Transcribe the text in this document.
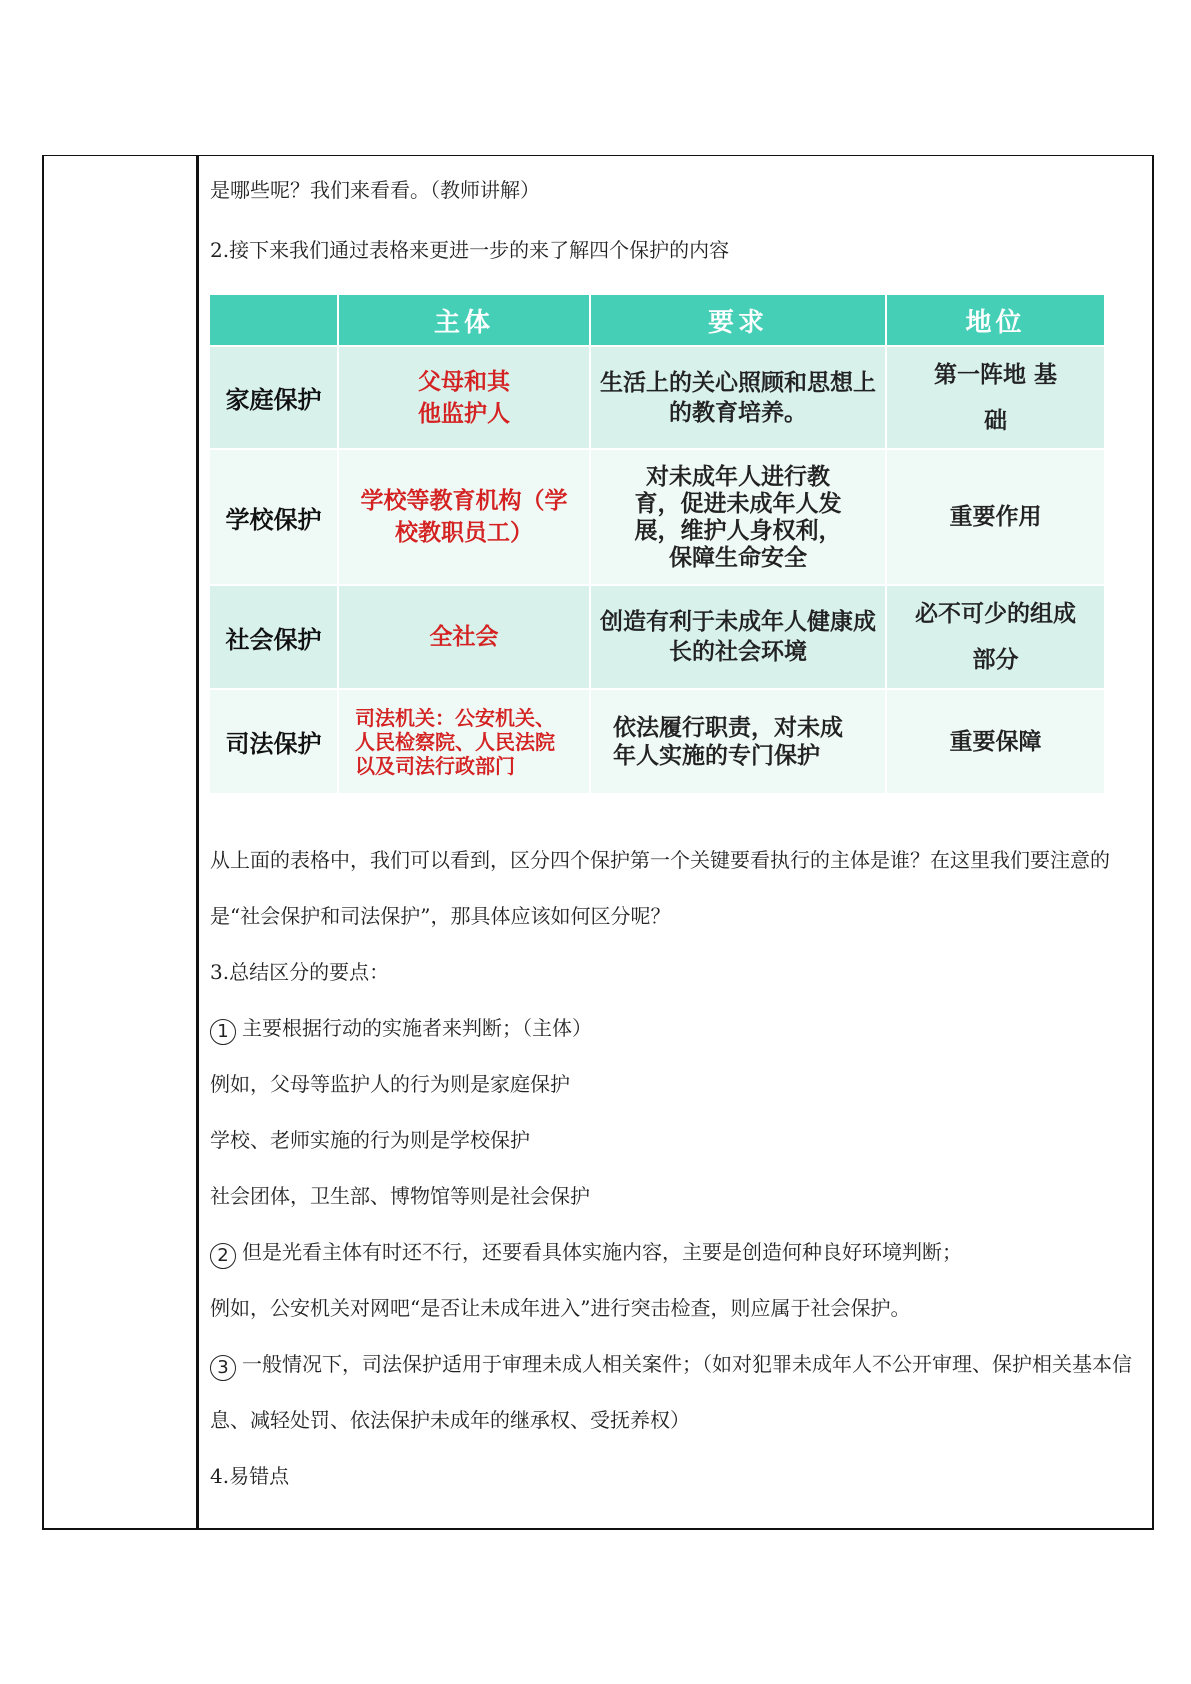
是哪些呢？我们来看看。（教师讲解）

2.接下来我们通过表格来更进一步的来了解四个保护的内容

	主体	要求	地位
家庭保护	父母和其他监护人	生活上的关心照顾和思想上的教育培养。	第一阵地 基础
学校保护	学校等教育机构（学校教职员工）	对未成年人进行教育，促进未成年人发展，维护人身权利，保障生命安全	重要作用
社会保护	全社会	创造有利于未成年人健康成长的社会环境	必不可少的组成部分
司法保护	司法机关：公安机关、人民检察院、人民法院以及司法行政部门	依法履行职责，对未成年人实施的专门保护	重要保障

从上面的表格中，我们可以看到，区分四个保护第一个关键要看执行的主体是谁？在这里我们要注意的是“社会保护和司法保护”，那具体应该如何区分呢？

3.总结区分的要点：

1 主要根据行动的实施者来判断；（主体）

例如，父母等监护人的行为则是家庭保护

学校、老师实施的行为则是学校保护

社会团体，卫生部、博物馆等则是社会保护

2 但是光看主体有时还不行，还要看具体实施内容，主要是创造何种良好环境判断；

例如，公安机关对网吧“是否让未成年进入”进行突击检查，则应属于社会保护。

3 一般情况下，司法保护适用于审理未成人相关案件；（如对犯罪未成年人不公开审理、保护相关基本信息、减轻处罚、依法保护未成年的继承权、受抚养权）

4.易错点
